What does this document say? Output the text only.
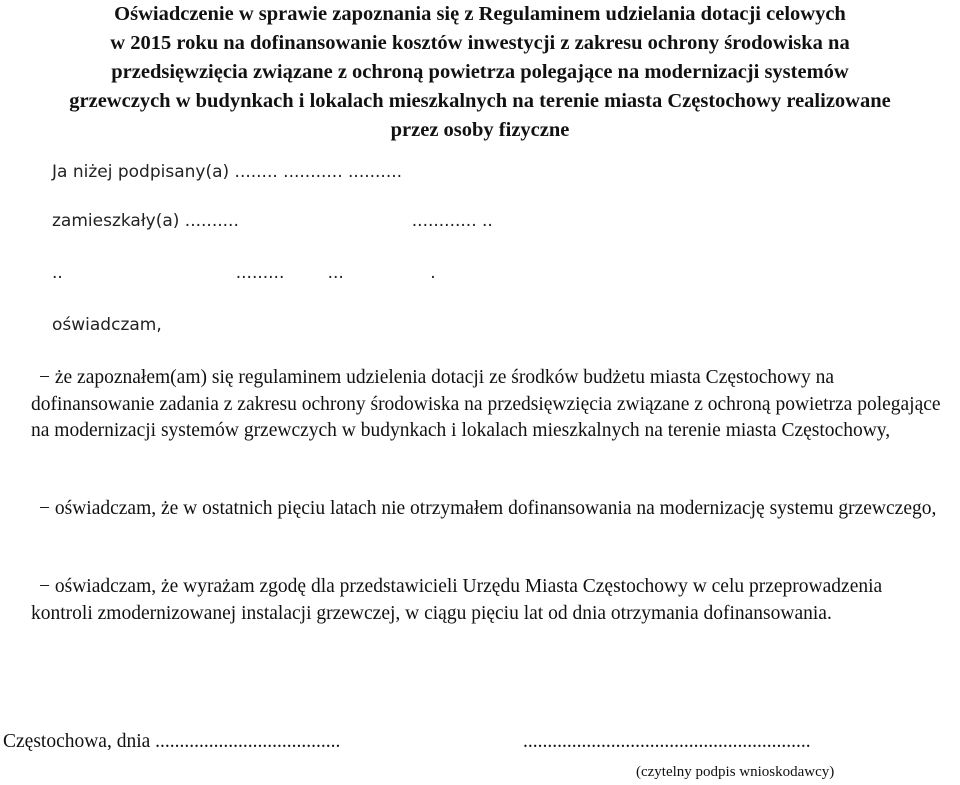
Oświadczenie w sprawie zapoznania się z Regulaminem udzielania dotacji celowych
w 2015 roku na dofinansowanie kosztów inwestycji z zakresu ochrony środowiska na
przedsięwzięcia związane z ochroną powietrza polegające na modernizacji systemów
grzewczych w budynkach i lokalach mieszkalnych na terenie miasta Częstochowy realizowane
przez osoby fizyczne
Ja niżej podpisany(a) ........ ........... ..........
zamieszkały(a) ..........                                ............ ..
..                                .........        ...                .
oświadczam,
− że zapoznałem(am) się regulaminem udzielenia dotacji ze środków budżetu miasta Częstochowy na dofinansowanie zadania z zakresu ochrony środowiska na przedsięwzięcia związane z ochroną powietrza polegające na modernizacji systemów grzewczych w budynkach i lokalach mieszkalnych na terenie miasta Częstochowy,
− oświadczam, że w ostatnich pięciu latach nie otrzymałem dofinansowania na modernizację systemu grzewczego,
− oświadczam, że wyrażam zgodę dla przedstawicieli Urzędu Miasta Częstochowy w celu przeprowadzenia kontroli zmodernizowanej instalacji grzewczej, w ciągu pięciu lat od dnia otrzymania dofinansowania.
Częstochowa, dnia ......................................	...........................................................
(czytelny podpis wnioskodawcy)
